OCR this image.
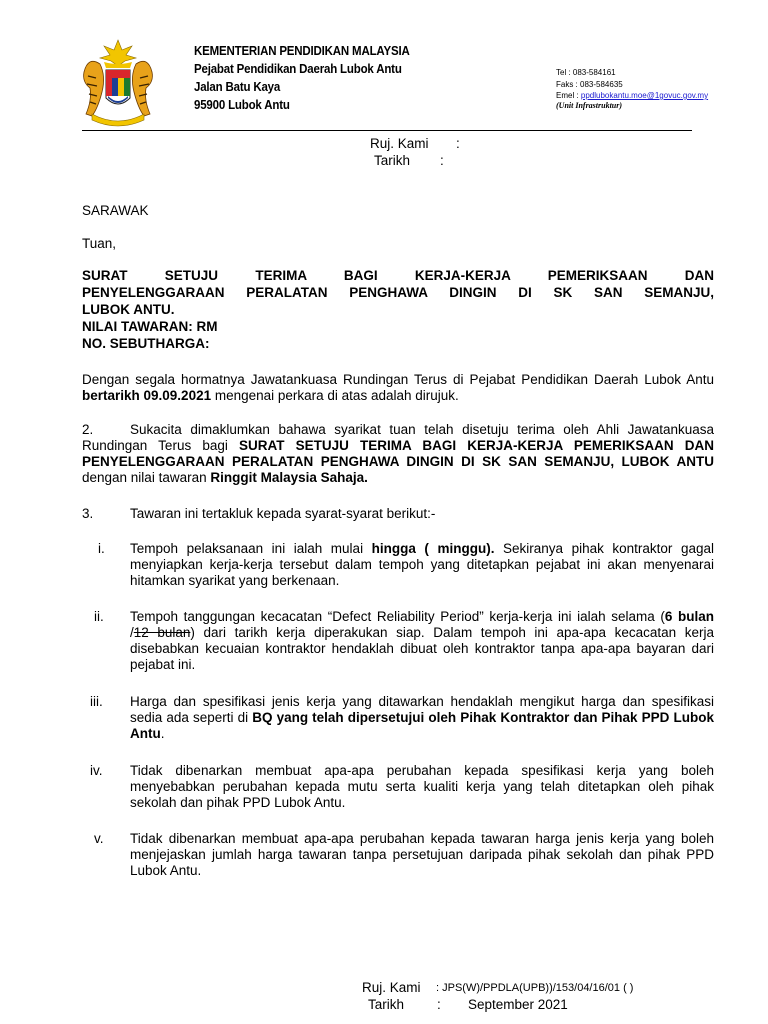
KEMENTERIAN PENDIDIKAN MALAYSIA
Pejabat Pendidikan Daerah Lubok Antu
Jalan Batu Kaya
95900 Lubok Antu
Tel : 083-584161
Faks : 083-584635
Emel : ppdlubokantu.moe@1govuc.gov.my
(Unit Infrastruktur)
Ruj. Kami :
Tarikh :
SARAWAK
Tuan,
SURAT SETUJU TERIMA BAGI KERJA-KERJA PEMERIKSAAN DAN
PENYELENGGARAAN PERALATAN PENGHAWA DINGIN DI SK SAN SEMANJU,
LUBOK ANTU.
NILAI TAWARAN: RM
NO. SEBUTHARGA:
Dengan segala hormatnya Jawatankuasa Rundingan Terus di Pejabat Pendidikan Daerah Lubok Antu bertarikh 09.09.2021 mengenai perkara di atas adalah dirujuk.
2.	Sukacita dimaklumkan bahawa syarikat tuan telah disetuju terima oleh Ahli Jawatankuasa Rundingan Terus bagi SURAT SETUJU TERIMA BAGI KERJA-KERJA PEMERIKSAAN DAN PENYELENGGARAAN PERALATAN PENGHAWA DINGIN DI SK SAN SEMANJU, LUBOK ANTU dengan nilai tawaran Ringgit Malaysia Sahaja.
3.	Tawaran ini tertakluk kepada syarat-syarat berikut:-
i. Tempoh pelaksanaan ini ialah mulai hingga ( minggu). Sekiranya pihak kontraktor gagal menyiapkan kerja-kerja tersebut dalam tempoh yang ditetapkan pejabat ini akan menyenarai hitamkan syarikat yang berkenaan.
ii. Tempoh tanggungan kecacatan “Defect Reliability Period” kerja-kerja ini ialah selama (6 bulan /12 bulan) dari tarikh kerja diperakukan siap. Dalam tempoh ini apa-apa kecacatan kerja disebabkan kecuaian kontraktor hendaklah dibuat oleh kontraktor tanpa apa-apa bayaran dari pejabat ini.
iii. Harga dan spesifikasi jenis kerja yang ditawarkan hendaklah mengikut harga dan spesifikasi sedia ada seperti di BQ yang telah dipersetujui oleh Pihak Kontraktor dan Pihak PPD Lubok Antu.
iv. Tidak dibenarkan membuat apa-apa perubahan kepada spesifikasi kerja yang boleh menyebabkan perubahan kepada mutu serta kualiti kerja yang telah ditetapkan oleh pihak sekolah dan pihak PPD Lubok Antu.
v. Tidak dibenarkan membuat apa-apa perubahan kepada tawaran harga jenis kerja yang boleh menjejaskan jumlah harga tawaran tanpa persetujuan daripada pihak sekolah dan pihak PPD Lubok Antu.
Ruj. Kami : JPS(W)/PPDLA(UPB))/153/04/16/01 ( )
Tarikh : September 2021
